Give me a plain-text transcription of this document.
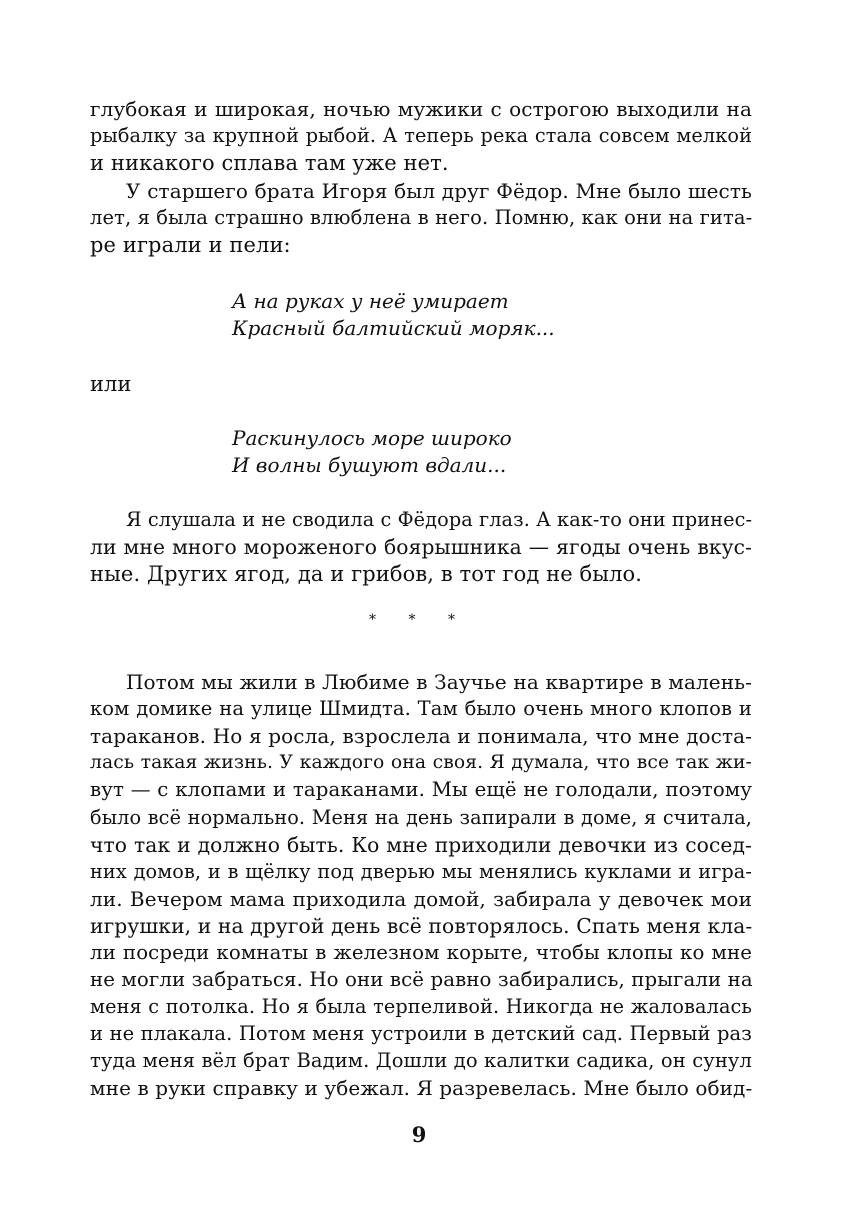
глубокая и широкая, ночью мужики с острогою выходили на
рыбалку за крупной рыбой. А теперь река стала совсем мелкой
и никакого сплава там уже нет.
У старшего брата Игоря был друг Фёдор. Мне было шесть
лет, я была страшно влюблена в него. Помню, как они на гита-
ре играли и пели:
А на руках у неё умирает
Красный балтийский моряк...
или
Раскинулось море широко
И волны бушуют вдали...
Я слушала и не сводила с Фёдора глаз. А как-то они принес-
ли мне много мороженого боярышника — ягоды очень вкус-
ные. Других ягод, да и грибов, в тот год не было.
* * *
Потом мы жили в Любиме в Заучье на квартире в малень-
ком домике на улице Шмидта. Там было очень много клопов и
тараканов. Но я росла, взрослела и понимала, что мне доста-
лась такая жизнь. У каждого она своя. Я думала, что все так жи-
вут — с клопами и тараканами. Мы ещё не голодали, поэтому
было всё нормально. Меня на день запирали в доме, я считала,
что так и должно быть. Ко мне приходили девочки из сосед-
них домов, и в щёлку под дверью мы менялись куклами и игра-
ли. Вечером мама приходила домой, забирала у девочек мои
игрушки, и на другой день всё повторялось. Спать меня кла-
ли посреди комнаты в железном корыте, чтобы клопы ко мне
не могли забраться. Но они всё равно забирались, прыгали на
меня с потолка. Но я была терпеливой. Никогда не жаловалась
и не плакала. Потом меня устроили в детский сад. Первый раз
туда меня вёл брат Вадим. Дошли до калитки садика, он сунул
мне в руки справку и убежал. Я разревелась. Мне было обид-
9
